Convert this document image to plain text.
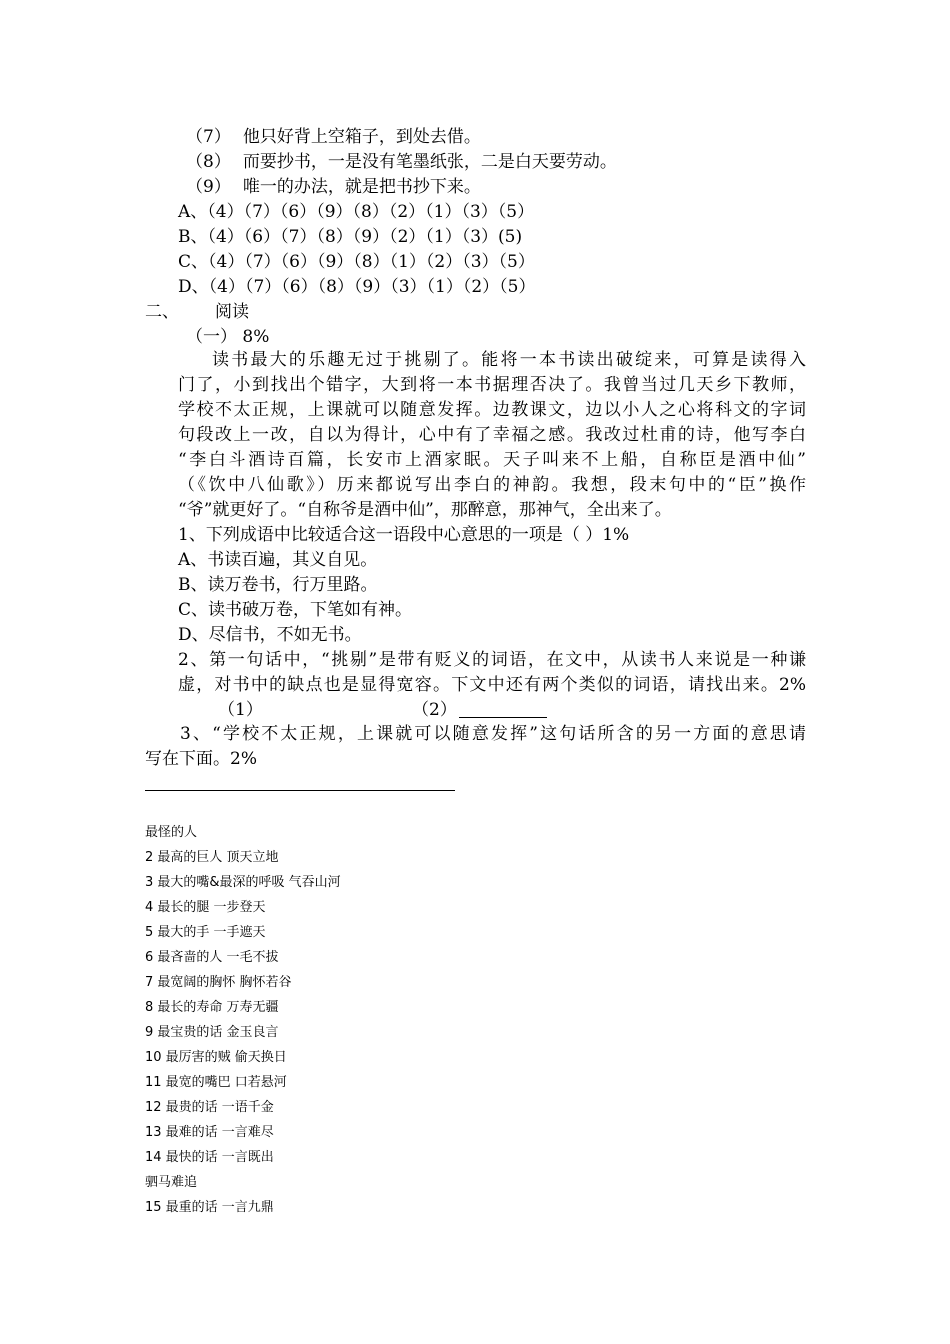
（7） 他只好背上空箱子，到处去借。
（8） 而要抄书，一是没有笔墨纸张，二是白天要劳动。
（9） 唯一的办法，就是把书抄下来。
A、（4）（7）（6）（9）（8）（2）（1）（3）（5）
B、（4）（6）（7）（8）（9）（2）（1）（3）(5)
C、（4）（7）（6）（9）（8）（1）（2）（3）（5）
D、（4）（7）（6）（8）（9）（3）（1）（2）（5）
二、 阅读
（一） 8%
读书最大的乐趣无过于挑剔了。能将一本书读出破绽来，可算是读得入
门了，小到找出个错字，大到将一本书据理否决了。我曾当过几天乡下教师，
学校不太正规，上课就可以随意发挥。边教课文，边以小人之心将科文的字词
句段改上一改，自以为得计，心中有了幸福之感。我改过杜甫的诗，他写李白
“李白斗酒诗百篇，长安市上酒家眠。天子叫来不上船，自称臣是酒中仙”
（《饮中八仙歌》）历来都说写出李白的神韵。我想，段末句中的“臣”换作
“爷”就更好了。“自称爷是酒中仙”，那醉意，那神气，全出来了。
1、下列成语中比较适合这一语段中心意思的一项是（ ）1%
A、书读百遍，其义自见。
B、读万卷书，行万里路。
C、读书破万卷，下笔如有神。
D、尽信书，不如无书。
2、第一句话中，“挑剔”是带有贬义的词语，在文中，从读书人来说是一种谦
虚，对书中的缺点也是显得宽容。下文中还有两个类似的词语，请找出来。2%
（1）	（2）
3、“学校不太正规，上课就可以随意发挥”这句话所含的另一方面的意思请
写在下面。2%
最怪的人
2 最高的巨人 顶天立地
3 最大的嘴&最深的呼吸 气吞山河
4 最长的腿 一步登天
5 最大的手 一手遮天
6 最吝啬的人 一毛不拔
7 最宽阔的胸怀 胸怀若谷
8 最长的寿命 万寿无疆
9 最宝贵的话 金玉良言
10 最厉害的贼 偷天换日
11 最宽的嘴巴 口若悬河
12 最贵的话 一语千金
13 最难的话 一言难尽
14 最快的话 一言既出
驷马难追
15 最重的话 一言九鼎
